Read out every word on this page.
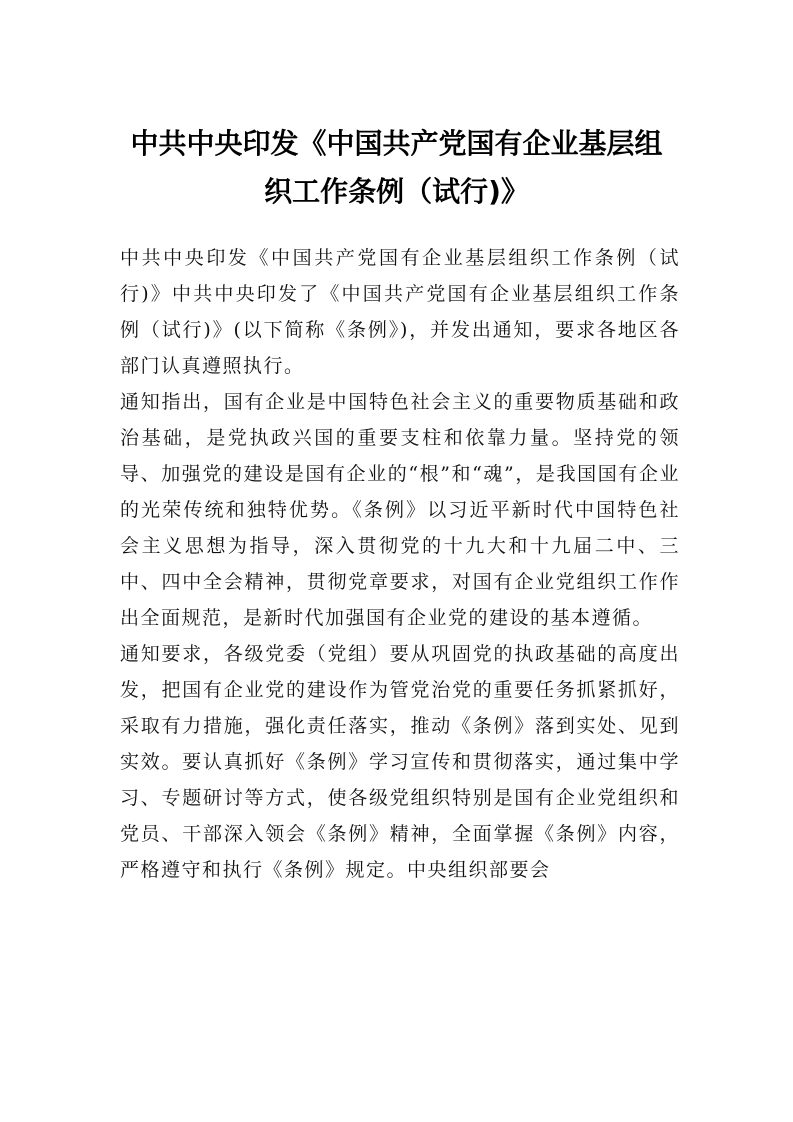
中共中央印发《中国共产党国有企业基层组
织工作条例（试行)》

中共中央印发《中国共产党国有企业基层组织工作条例（试行)》中共中央印发了《中国共产党国有企业基层组织工作条例（试行)》(以下简称《条例》)，并发出通知，要求各地区各部门认真遵照执行。

通知指出，国有企业是中国特色社会主义的重要物质基础和政治基础，是党执政兴国的重要支柱和依靠力量。坚持党的领导、加强党的建设是国有企业的“根”和“魂”，是我国国有企业的光荣传统和独特优势。《条例》以习近平新时代中国特色社会主义思想为指导，深入贯彻党的十九大和十九届二中、三中、四中全会精神，贯彻党章要求，对国有企业党组织工作作出全面规范，是新时代加强国有企业党的建设的基本遵循。

通知要求，各级党委（党组）要从巩固党的执政基础的高度出发，把国有企业党的建设作为管党治党的重要任务抓紧抓好，采取有力措施，强化责任落实，推动《条例》落到实处、见到实效。要认真抓好《条例》学习宣传和贯彻落实，通过集中学习、专题研讨等方式，使各级党组织特别是国有企业党组织和党员、干部深入领会《条例》精神，全面掌握《条例》内容，严格遵守和执行《条例》规定。中央组织部要会
